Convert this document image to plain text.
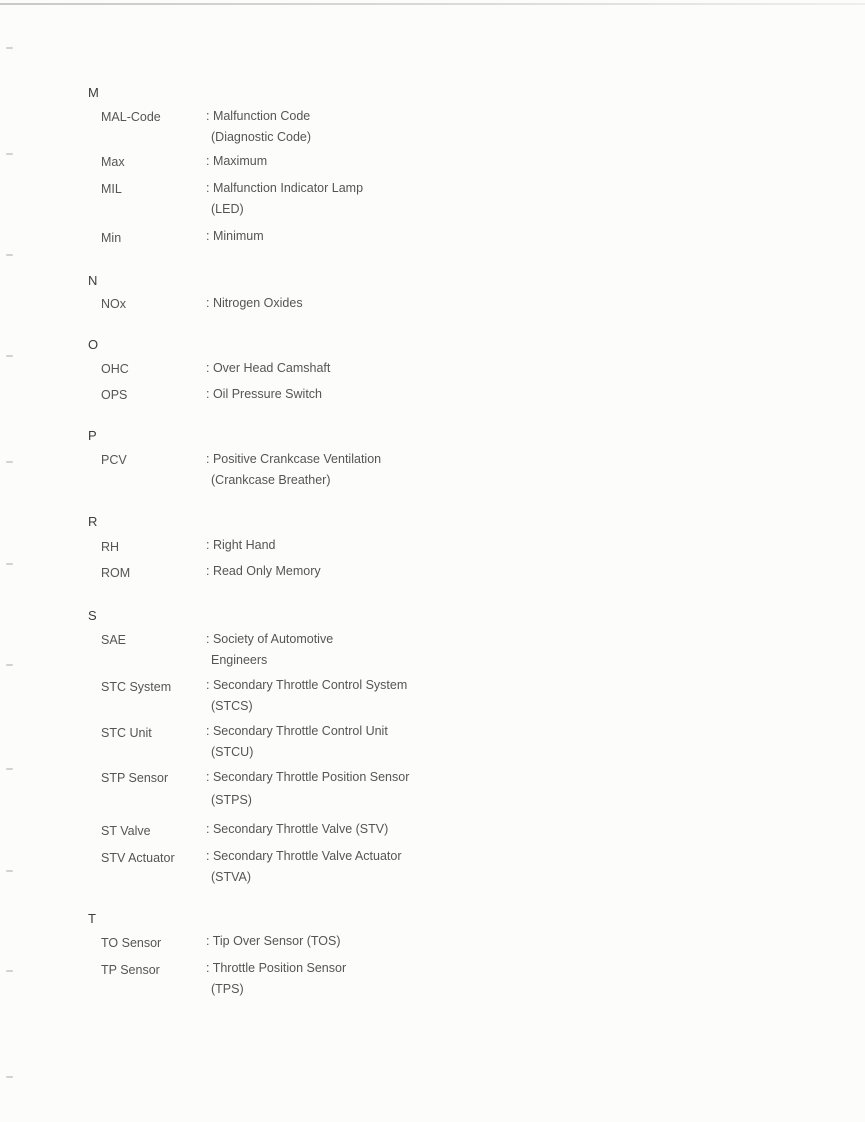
M
MAL-Code	: Malfunction Code
(Diagnostic Code)
Max	: Maximum
MIL	: Malfunction Indicator Lamp
(LED)
Min	: Minimum
N
NOx	: Nitrogen Oxides
O
OHC	: Over Head Camshaft
OPS	: Oil Pressure Switch
P
PCV	: Positive Crankcase Ventilation
(Crankcase Breather)
R
RH	: Right Hand
ROM	: Read Only Memory
S
SAE	: Society of Automotive
Engineers
STC System	: Secondary Throttle Control System
(STCS)
STC Unit	: Secondary Throttle Control Unit
(STCU)
STP Sensor	: Secondary Throttle Position Sensor
(STPS)
ST Valve	: Secondary Throttle Valve (STV)
STV Actuator	: Secondary Throttle Valve Actuator
(STVA)
T
TO Sensor	: Tip Over Sensor (TOS)
TP Sensor	: Throttle Position Sensor
(TPS)
